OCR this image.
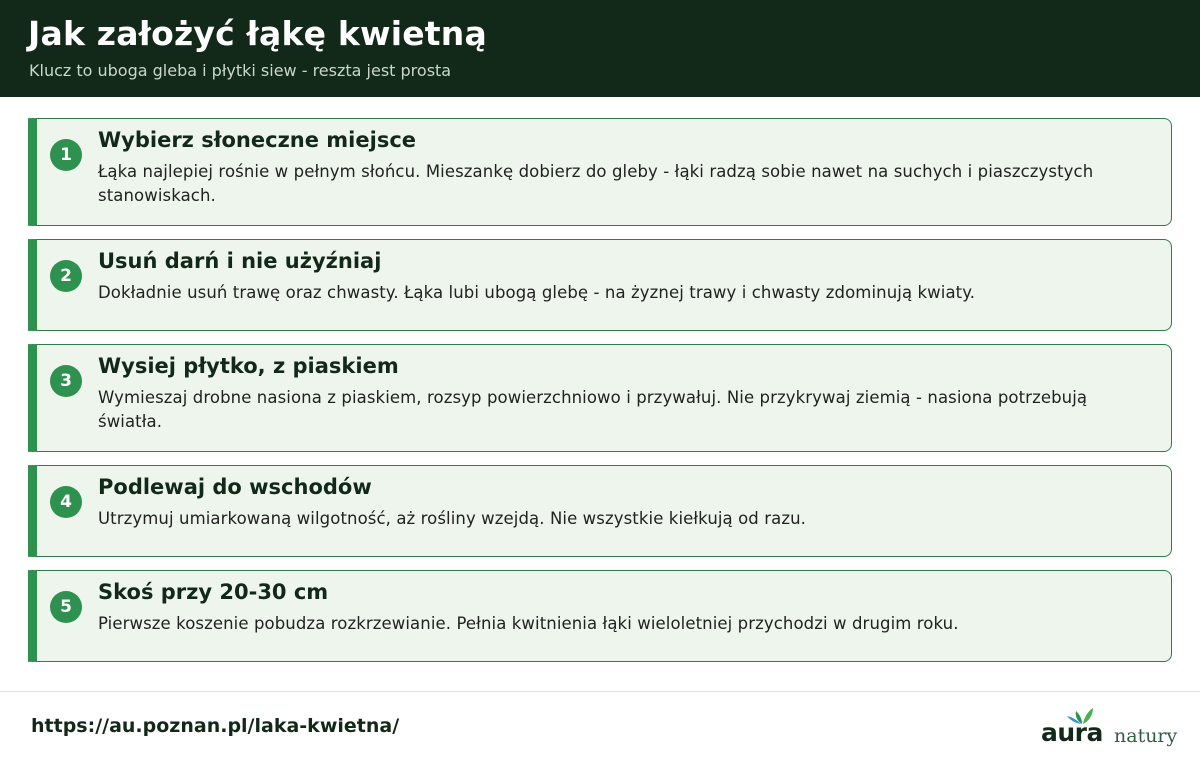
Jak założyć łąkę kwietną
Klucz to uboga gleba i płytki siew - reszta jest prosta
1
Wybierz słoneczne miejsce
Łąka najlepiej rośnie w pełnym słońcu. Mieszankę dobierz do gleby - łąki radzą sobie nawet na suchych i piaszczystych stanowiskach.
2
Usuń darń i nie użyźniaj
Dokładnie usuń trawę oraz chwasty. Łąka lubi ubogą glebę - na żyznej trawy i chwasty zdominują kwiaty.
3
Wysiej płytko, z piaskiem
Wymieszaj drobne nasiona z piaskiem, rozsyp powierzchniowo i przywałuj. Nie przykrywaj ziemią - nasiona potrzebują światła.
4
Podlewaj do wschodów
Utrzymuj umiarkowaną wilgotność, aż rośliny wzejdą. Nie wszystkie kiełkują od razu.
5
Skoś przy 20-30 cm
Pierwsze koszenie pobudza rozkrzewianie. Pełnia kwitnienia łąki wieloletniej przychodzi w drugim roku.
https://au.poznan.pl/laka-kwietna/	aura natury
